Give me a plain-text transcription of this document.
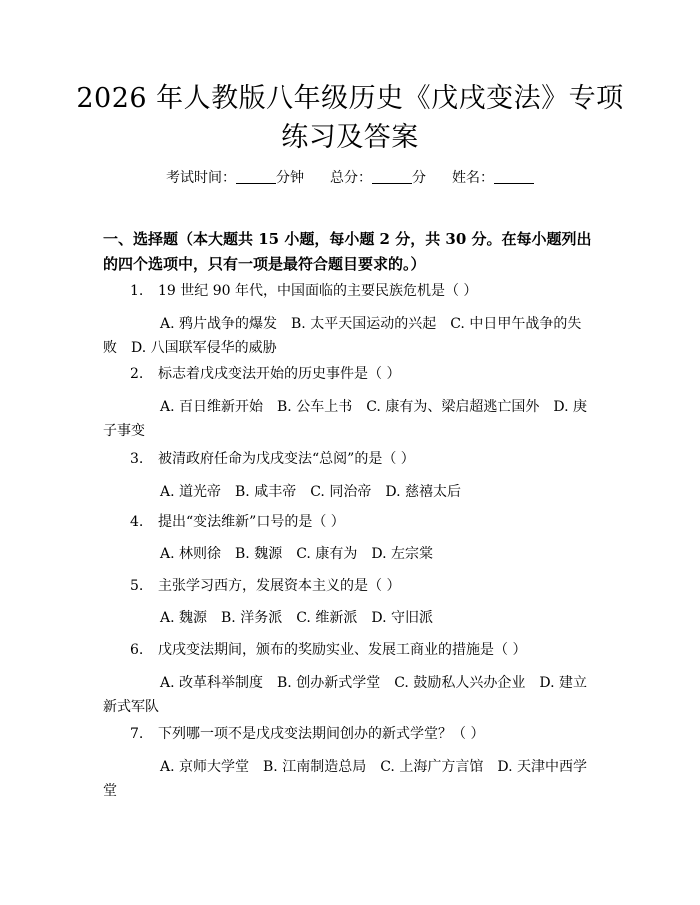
2026 年人教版八年级历史《戊戌变法》专项
练习及答案
考试时间：	分钟 总分：	分 姓名：

一、选择题（本大题共 15 小题，每小题 2 分，共 30 分。在每小题列出的四个选项中，只有一项是最符合题目要求的。）

1. 19 世纪 90 年代，中国面临的主要民族危机是（ ）

A. 鸦片战争的爆发 B. 太平天国运动的兴起 C. 中日甲午战争的失败 D. 八国联军侵华的威胁

2. 标志着戊戌变法开始的历史事件是（ ）

A. 百日维新开始 B. 公车上书 C. 康有为、梁启超逃亡国外 D. 庚子事变

3. 被清政府任命为戊戌变法“总阅”的是（ ）

A. 道光帝 B. 咸丰帝 C. 同治帝 D. 慈禧太后

4. 提出“变法维新”口号的是（ ）

A. 林则徐 B. 魏源 C. 康有为 D. 左宗棠

5. 主张学习西方，发展资本主义的是（ ）

A. 魏源 B. 洋务派 C. 维新派 D. 守旧派

6. 戊戌变法期间，颁布的奖励实业、发展工商业的措施是（ ）

A. 改革科举制度 B. 创办新式学堂 C. 鼓励私人兴办企业 D. 建立新式军队

7. 下列哪一项不是戊戌变法期间创办的新式学堂？（ ）

A. 京师大学堂 B. 江南制造总局 C. 上海广方言馆 D. 天津中西学堂
